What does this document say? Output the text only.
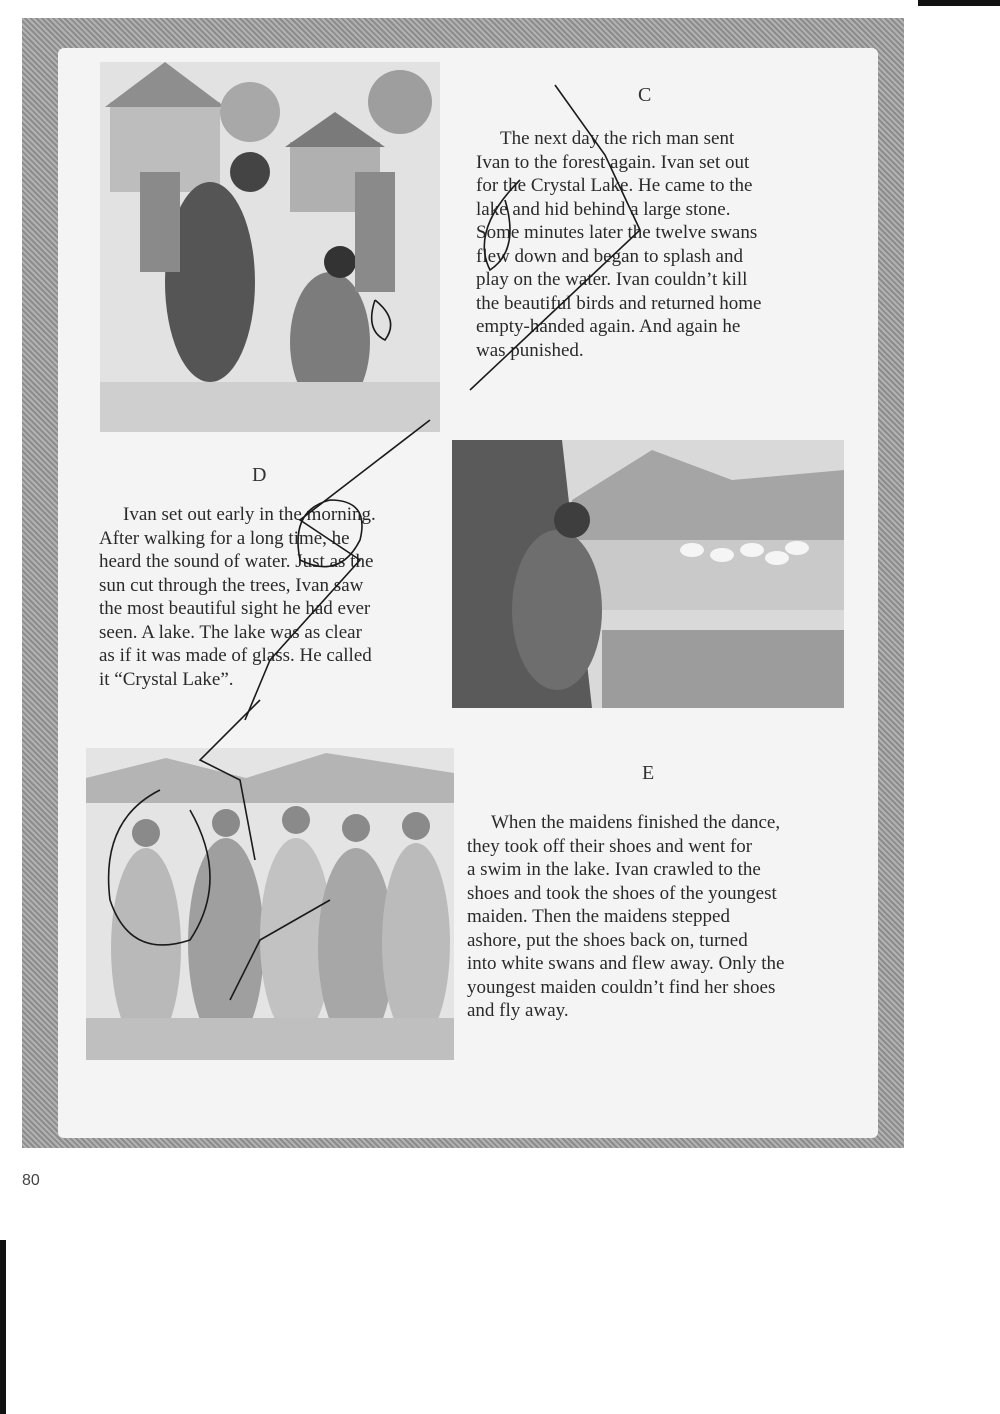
C

The next day the rich man sent
Ivan to the forest again. Ivan set out
for the Crystal Lake. He came to the
lake and hid behind a large stone.
Some minutes later the twelve swans
flew down and began to splash and
play on the water. Ivan couldn’t kill
the beautiful birds and returned home
empty-handed again. And again he
was punished.

D

Ivan set out early in the morning.
After walking for a long time, he
heard the sound of water. Just as the
sun cut through the trees, Ivan saw
the most beautiful sight he had ever
seen. A lake. The lake was as clear
as if it was made of glass. He called
it “Crystal Lake”.

E

When the maidens finished the dance,
they took off their shoes and went for
a swim in the lake. Ivan crawled to the
shoes and took the shoes of the youngest
maiden. Then the maidens stepped
ashore, put the shoes back on, turned
into white swans and flew away. Only the
youngest maiden couldn’t find her shoes
and fly away.

80
